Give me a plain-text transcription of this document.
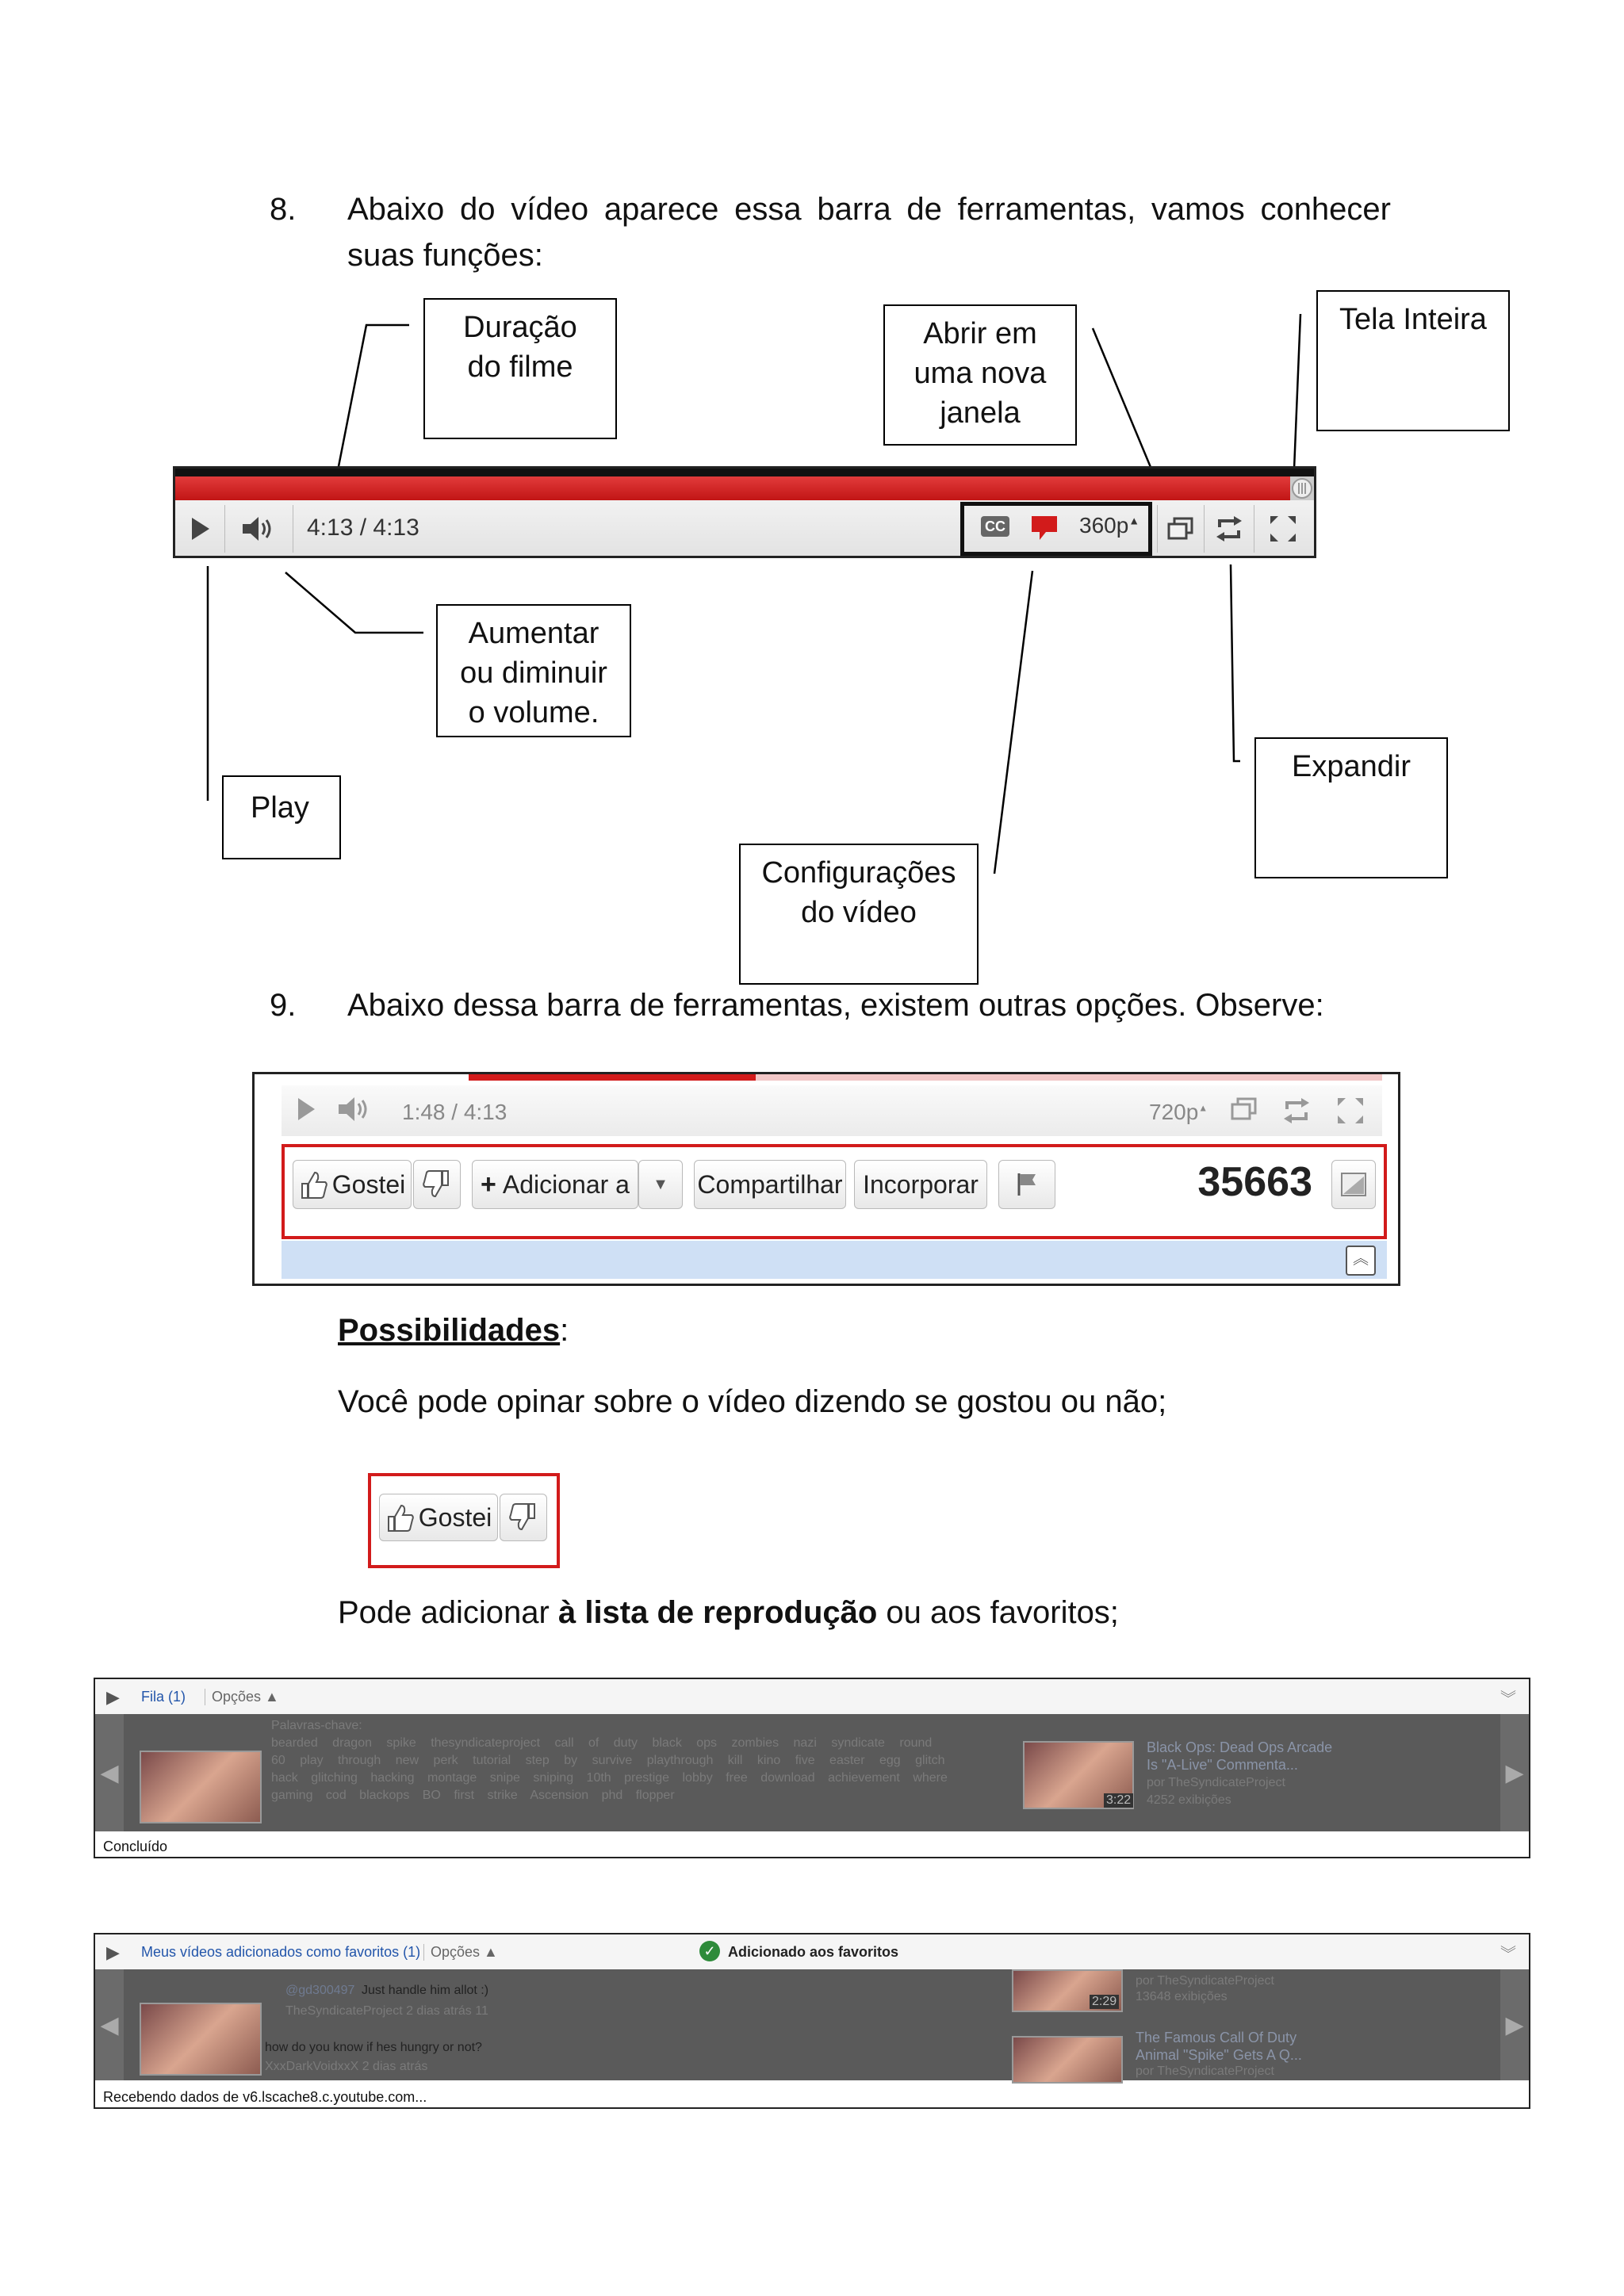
8. Abaixo do vídeo aparece essa barra de ferramentas, vamos conhecer
suas funções:
Duração
do filme
Abrir em
uma nova
janela
Tela Inteira
Aumentar
ou diminuir
o volume.
Expandir
Play
Configurações
do vídeo
4:13 / 4:13	CC	360p▲
9. Abaixo dessa barra de ferramentas, existem outras opções. Observe:
1:48 / 4:13	720p▲
Gostei	+ Adicionar a ▼ Compartilhar Incorporar	35663
︽
Possibilidades:
Você pode opinar sobre o vídeo dizendo se gostou ou não;
Gostei
Pode adicionar à lista de reprodução ou aos favoritos;
▶ Fila (1)	Opções ▲	︾
◀	▶
Palavras-chave:
bearded dragon spike thesyndicateproject call of duty black ops zombies nazi syndicate round
60 play through new perk tutorial step by survive playthrough kill kino five easter egg glitch
hack glitching hacking montage snipe sniping 10th prestige lobby free download achievement where
gaming cod blackops BO first strike Ascension phd flopper	3:22
Black Ops: Dead Ops Arcade
Is "A-Live" Commenta...
por TheSyndicateProject
4252 exibições
Concluído
▶ Meus vídeos adicionados como favoritos (1) Opções ▲	✓ Adicionado aos favoritos	︾
◀	▶
@gd300497 Just handle him allot :)
TheSyndicateProject 2 dias atrás 11
how do you know if hes hungry or not?
XxxDarkVoidxxX 2 dias atrás
2:29
por TheSyndicateProject
13648 exibições
The Famous Call Of Duty
Animal "Spike" Gets A Q...
por TheSyndicateProject
Recebendo dados de v6.lscache8.c.youtube.com...
